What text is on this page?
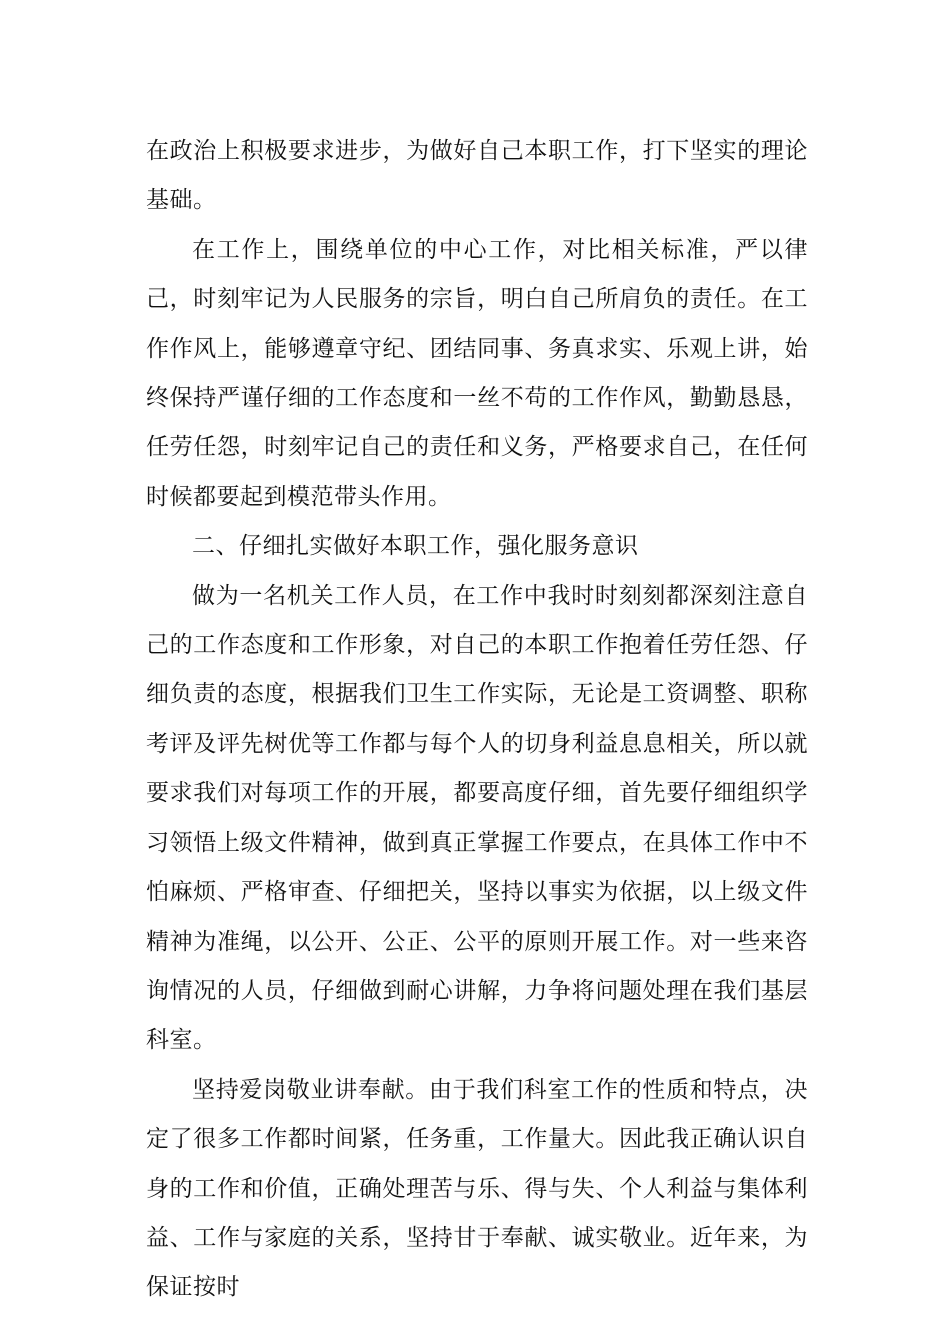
在政治上积极要求进步，为做好自己本职工作，打下坚实的理论基础。

在工作上，围绕单位的中心工作，对比相关标准，严以律己，时刻牢记为人民服务的宗旨，明白自己所肩负的责任。在工作作风上，能够遵章守纪、团结同事、务真求实、乐观上讲，始终保持严谨仔细的工作态度和一丝不苟的工作作风，勤勤恳恳，任劳任怨，时刻牢记自己的责任和义务，严格要求自己，在任何时候都要起到模范带头作用。

二、仔细扎实做好本职工作，强化服务意识

做为一名机关工作人员，在工作中我时时刻刻都深刻注意自己的工作态度和工作形象，对自己的本职工作抱着任劳任怨、仔细负责的态度，根据我们卫生工作实际，无论是工资调整、职称考评及评先树优等工作都与每个人的切身利益息息相关，所以就要求我们对每项工作的开展，都要高度仔细，首先要仔细组织学习领悟上级文件精神，做到真正掌握工作要点，在具体工作中不怕麻烦、严格审查、仔细把关，坚持以事实为依据，以上级文件精神为准绳，以公开、公正、公平的原则开展工作。对一些来咨询情况的人员，仔细做到耐心讲解，力争将问题处理在我们基层科室。

坚持爱岗敬业讲奉献。由于我们科室工作的性质和特点，决定了很多工作都时间紧，任务重，工作量大。因此我正确认识自身的工作和价值，正确处理苦与乐、得与失、个人利益与集体利益、工作与家庭的关系，坚持甘于奉献、诚实敬业。近年来，为保证按时
